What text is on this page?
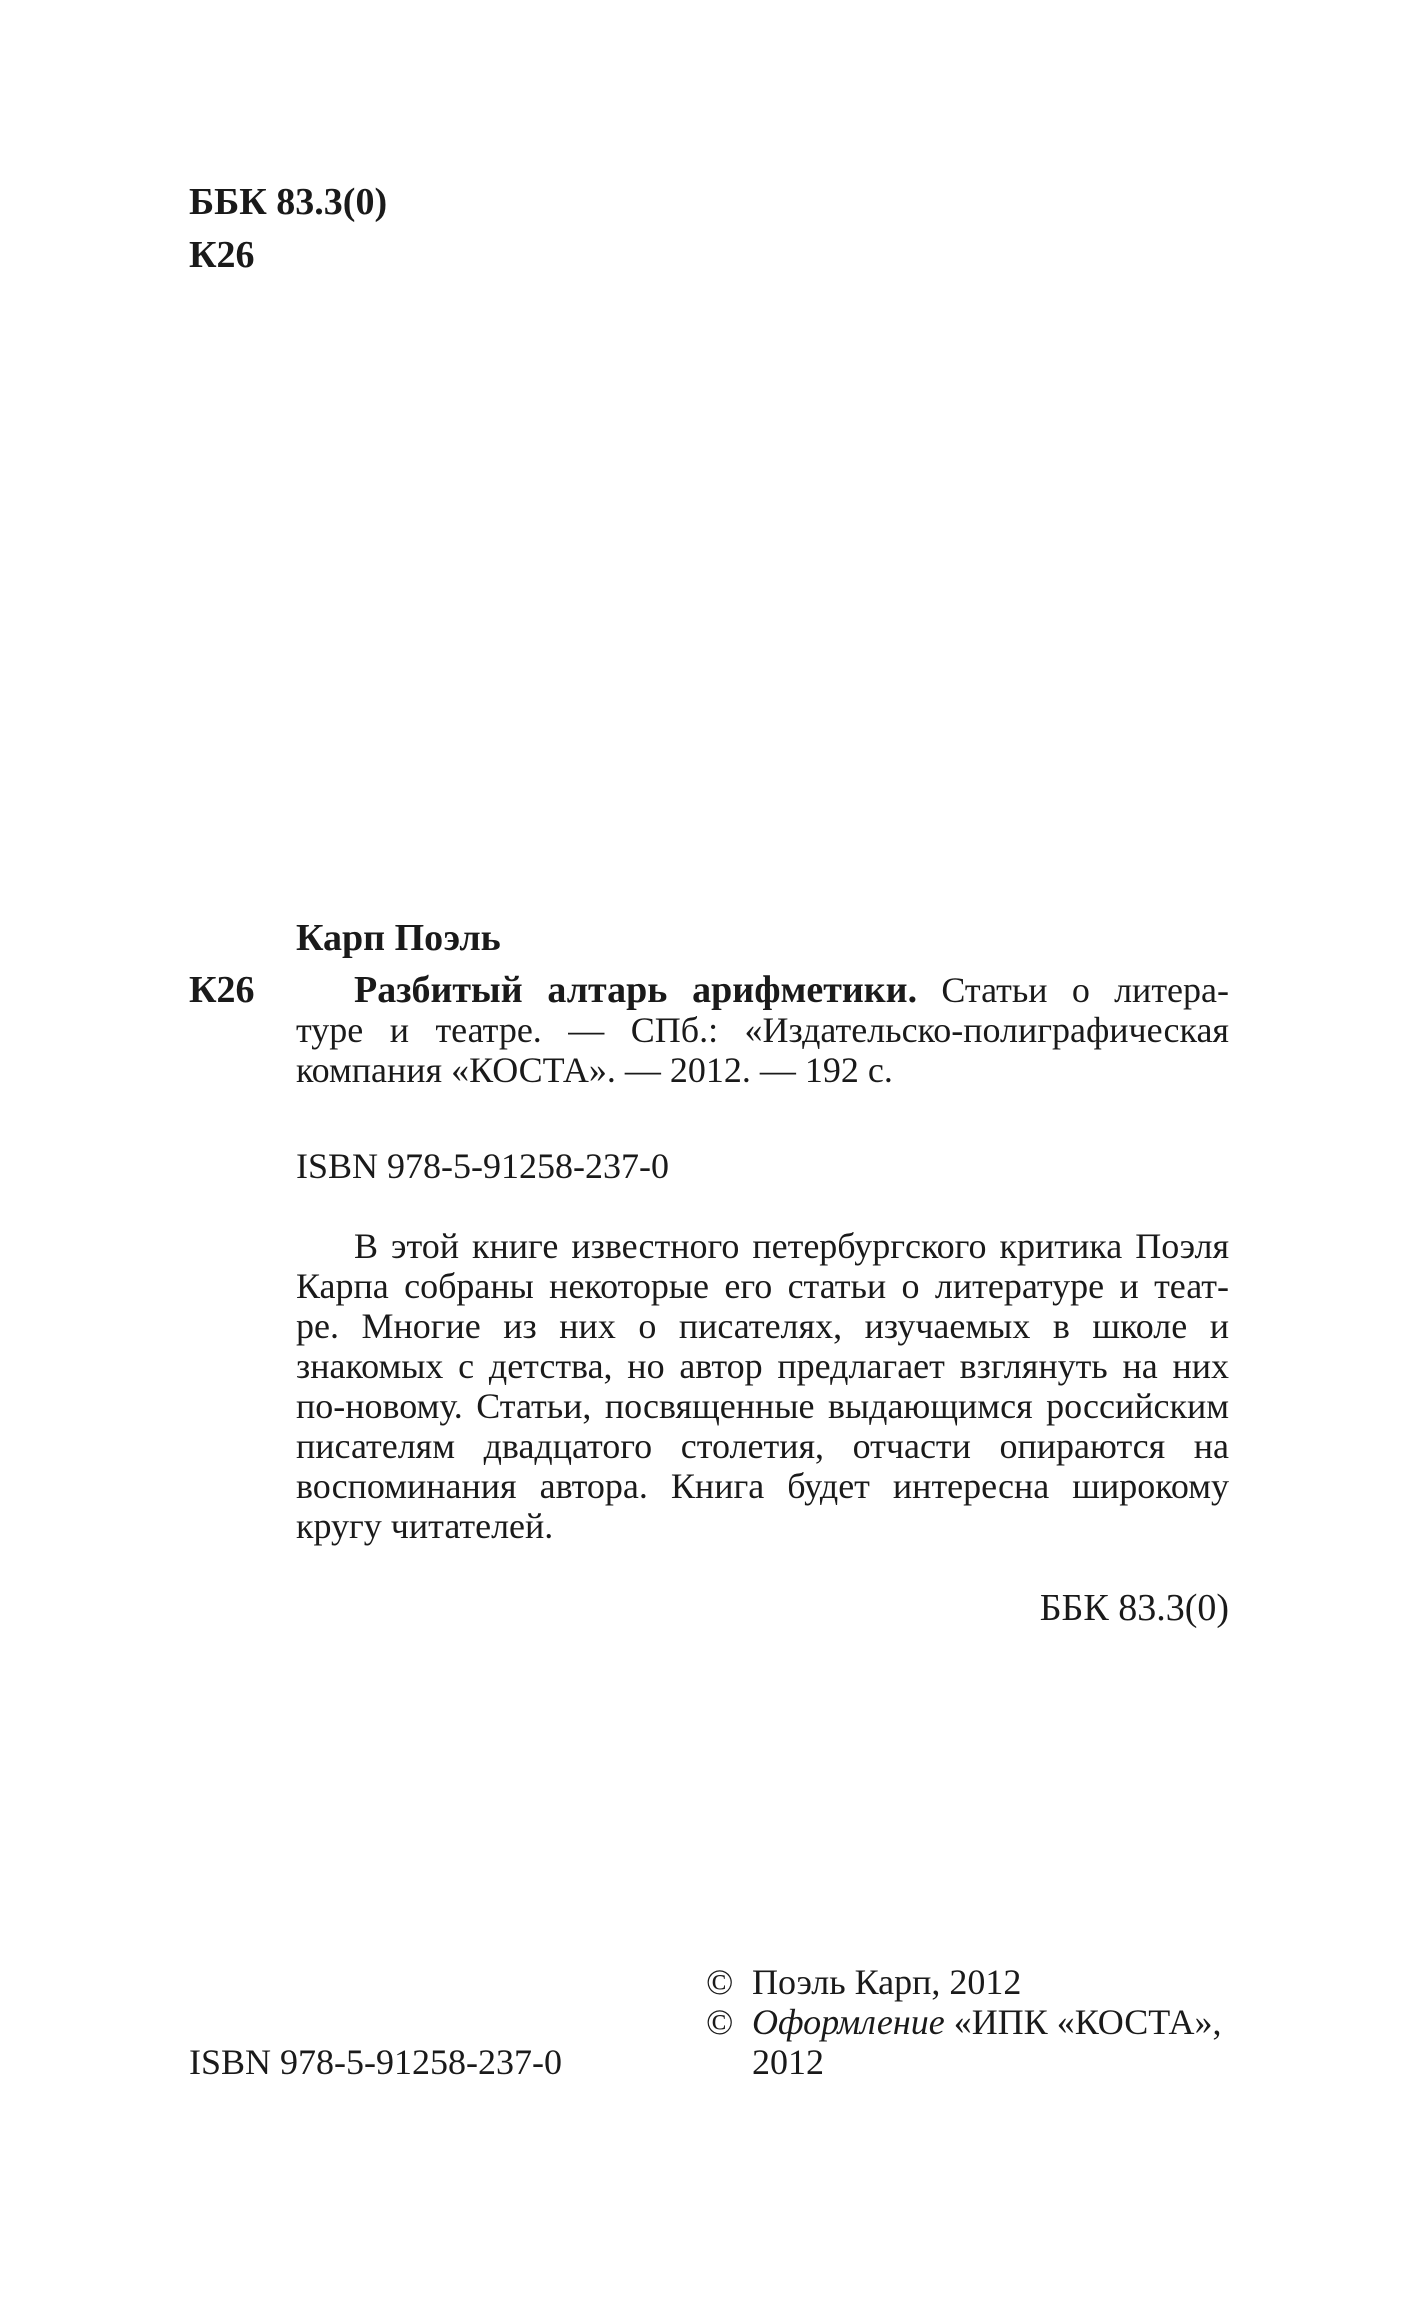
ББК 83.3(0)
К26
Карп Поэль
К26	Разбитый алтарь арифметики. Статьи о литера-
туре и театре. — СПб.: «Издательско-полиграфическая
компания «КОСТА». — 2012. — 192 с.
ISBN 978-5-91258-237-0
В этой книге известного петербургского критика Поэля
Карпа собраны некоторые его статьи о литературе и теат-
ре. Многие из них о писателях, изучаемых в школе и
знакомых с детства, но автор предлагает взглянуть на них
по-новому. Статьи, посвященные выдающимся российским
писателям двадцатого столетия, отчасти опираются на
воспоминания автора. Книга будет интересна широкому
кругу читателей.
ББК 83.3(0)
ISBN 978-5-91258-237-0
© Поэль Карп, 2012
© Оформление «ИПК «КОСТА»,
2012
